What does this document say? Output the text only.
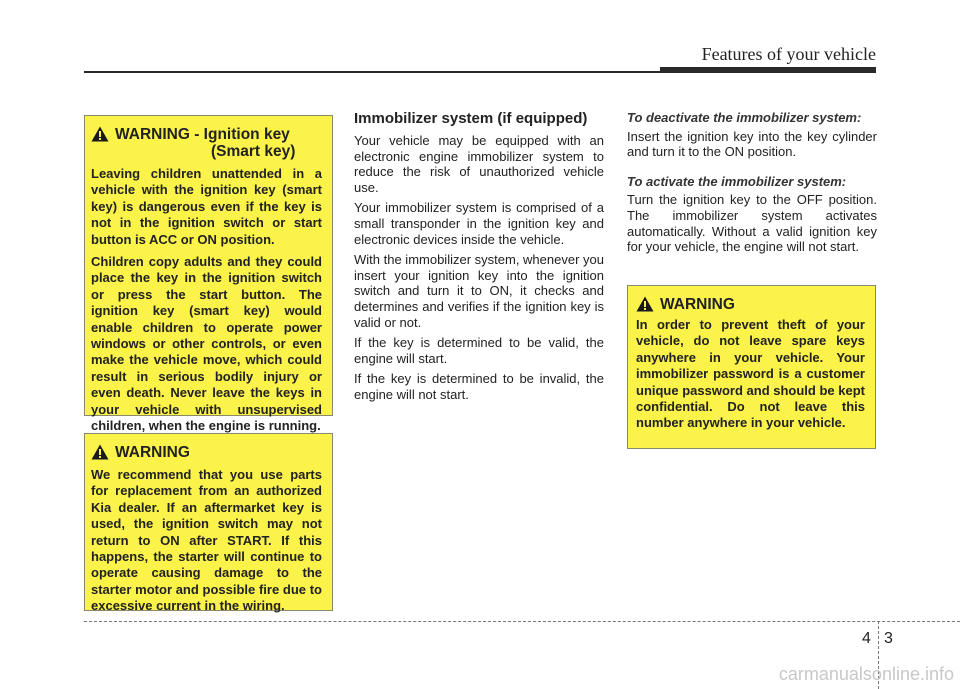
Features of your vehicle
WARNING - Ignition key
(Smart key)

Leaving children unattended in a vehicle with the ignition key (smart key) is dangerous even if the key is not in the ignition switch or start button is ACC or ON position.

Children copy adults and they could place the key in the ignition switch or press the start button. The ignition key (smart key) would enable children to operate power windows or other controls, or even make the vehicle move, which could result in serious bodily injury or even death. Never leave the keys in your vehicle with unsupervised children, when the engine is running.

WARNING

We recommend that you use parts for replacement from an authorized Kia dealer. If an aftermarket key is used, the ignition switch may not return to ON after START. If this happens, the starter will continue to operate causing damage to the starter motor and possible fire due to excessive current in the wiring.

Immobilizer system (if equipped)

Your vehicle may be equipped with an electronic engine immobilizer system to reduce the risk of unauthorized vehicle use.

Your immobilizer system is comprised of a small transponder in the ignition key and electronic devices inside the vehicle.

With the immobilizer system, whenever you insert your ignition key into the ignition switch and turn it to ON, it checks and determines and verifies if the ignition key is valid or not.

If the key is determined to be valid, the engine will start.

If the key is determined to be invalid, the engine will not start.

To deactivate the immobilizer system:

Insert the ignition key into the key cylinder and turn it to the ON position.

To activate the immobilizer system:

Turn the ignition key to the OFF position. The immobilizer system activates automatically. Without a valid ignition key for your vehicle, the engine will not start.

WARNING

In order to prevent theft of your vehicle, do not leave spare keys anywhere in your vehicle. Your immobilizer password is a customer unique password and should be kept confidential. Do not leave this number anywhere in your vehicle.

4 3
carmanualsonline.info
